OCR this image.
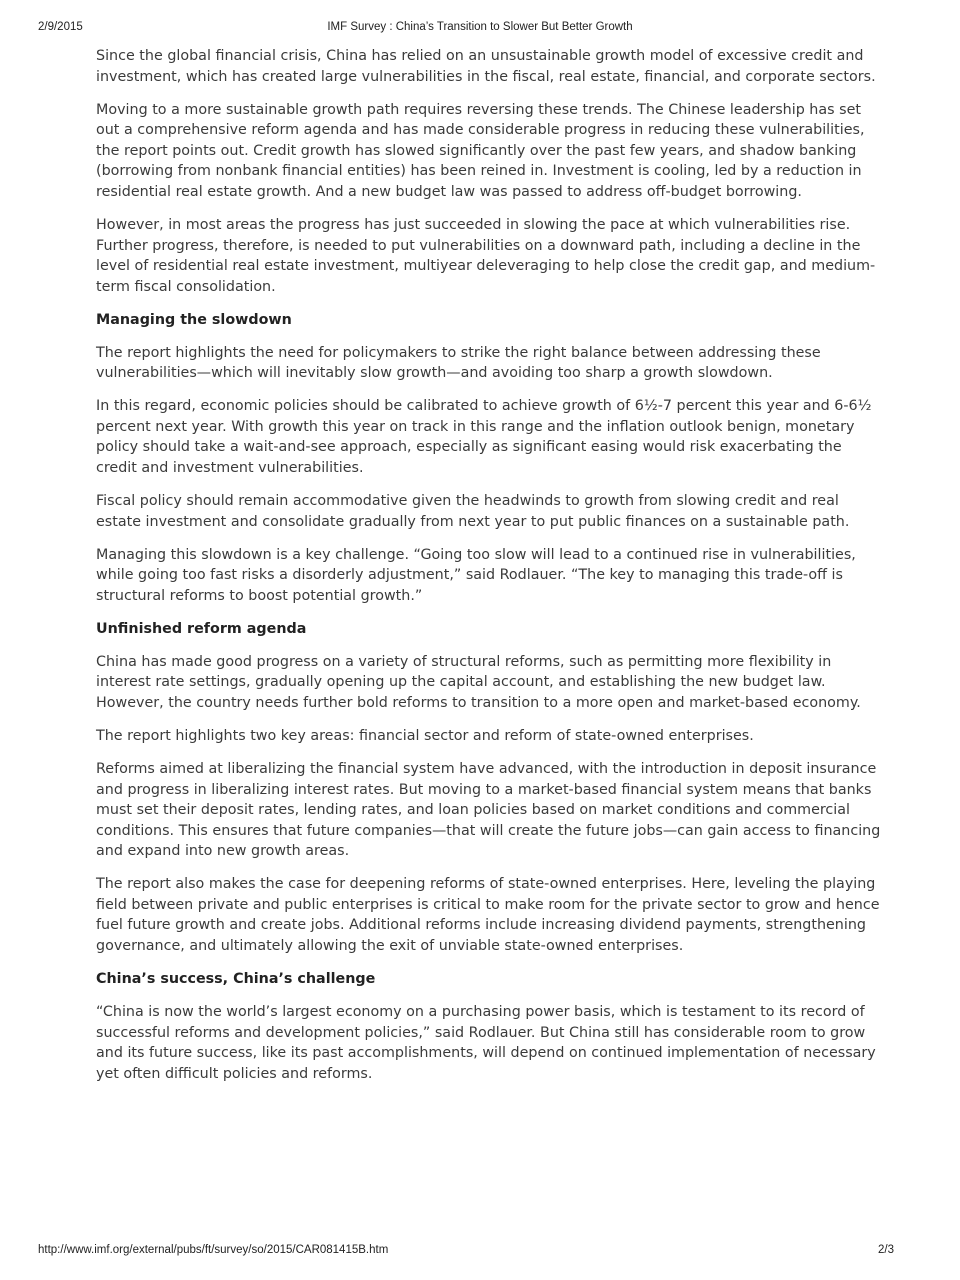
IMF Survey : China’s Transition to Slower But Better Growth
2/9/2015

Since the global financial crisis, China has relied on an unsustainable growth model of excessive credit and investment, which has created large vulnerabilities in the fiscal, real estate, financial, and corporate sectors.

Moving to a more sustainable growth path requires reversing these trends. The Chinese leadership has set out a comprehensive reform agenda and has made considerable progress in reducing these vulnerabilities, the report points out. Credit growth has slowed significantly over the past few years, and shadow banking (borrowing from nonbank financial entities) has been reined in. Investment is cooling, led by a reduction in residential real estate growth. And a new budget law was passed to address off-budget borrowing.

However, in most areas the progress has just succeeded in slowing the pace at which vulnerabilities rise. Further progress, therefore, is needed to put vulnerabilities on a downward path, including a decline in the level of residential real estate investment, multiyear deleveraging to help close the credit gap, and medium-term fiscal consolidation.

Managing the slowdown

The report highlights the need for policymakers to strike the right balance between addressing these vulnerabilities—which will inevitably slow growth—and avoiding too sharp a growth slowdown.

In this regard, economic policies should be calibrated to achieve growth of 6½-7 percent this year and 6-6½ percent next year. With growth this year on track in this range and the inflation outlook benign, monetary policy should take a wait-and-see approach, especially as significant easing would risk exacerbating the credit and investment vulnerabilities.

Fiscal policy should remain accommodative given the headwinds to growth from slowing credit and real estate investment and consolidate gradually from next year to put public finances on a sustainable path.

Managing this slowdown is a key challenge. “Going too slow will lead to a continued rise in vulnerabilities, while going too fast risks a disorderly adjustment,” said Rodlauer. “The key to managing this trade-off is structural reforms to boost potential growth.”

Unfinished reform agenda

China has made good progress on a variety of structural reforms, such as permitting more flexibility in interest rate settings, gradually opening up the capital account, and establishing the new budget law. However, the country needs further bold reforms to transition to a more open and market-based economy.

The report highlights two key areas: financial sector and reform of state-owned enterprises.

Reforms aimed at liberalizing the financial system have advanced, with the introduction in deposit insurance and progress in liberalizing interest rates. But moving to a market-based financial system means that banks must set their deposit rates, lending rates, and loan policies based on market conditions and commercial conditions. This ensures that future companies—that will create the future jobs—can gain access to financing and expand into new growth areas.

The report also makes the case for deepening reforms of state-owned enterprises. Here, leveling the playing field between private and public enterprises is critical to make room for the private sector to grow and hence fuel future growth and create jobs. Additional reforms include increasing dividend payments, strengthening governance, and ultimately allowing the exit of unviable state-owned enterprises.

China’s success, China’s challenge

“China is now the world’s largest economy on a purchasing power basis, which is testament to its record of successful reforms and development policies,” said Rodlauer. But China still has considerable room to grow and its future success, like its past accomplishments, will depend on continued implementation of necessary yet often difficult policies and reforms.

http://www.imf.org/external/pubs/ft/survey/so/2015/CAR081415B.htm	2/3
